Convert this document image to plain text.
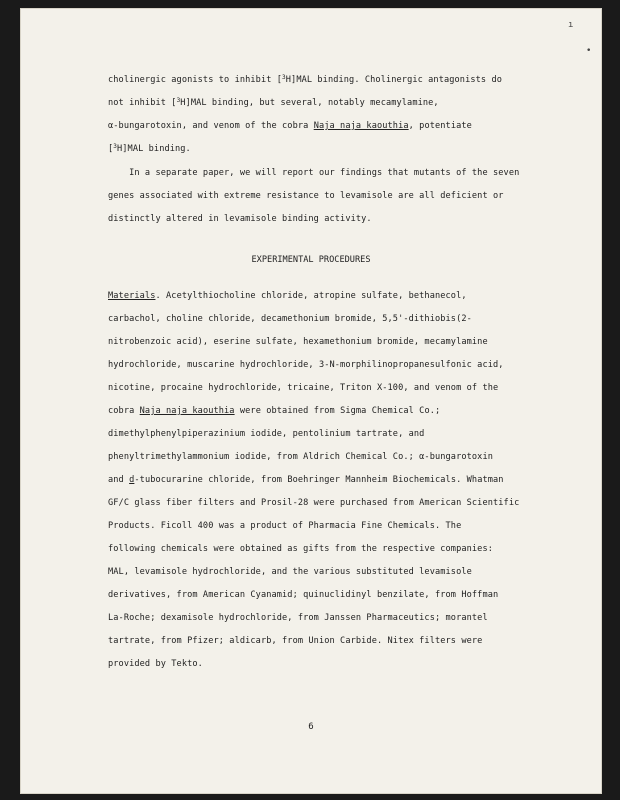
ı
•
cholinergic agonists to inhibit [$^3$H]MAL binding. Cholinergic antagonists do
not inhibit [$^3$H]MAL binding, but several, notably mecamylamine,
α-bungarotoxin, and venom of the cobra Naja naja kaouthia, potentiate
[$^3$H]MAL binding.
In a separate paper, we will report our findings that mutants of the seven
genes associated with extreme resistance to levamisole are all deficient or
distinctly altered in levamisole binding activity.
EXPERIMENTAL PROCEDURES
Materials. Acetylthiocholine chloride, atropine sulfate, bethanecol,
carbachol, choline chloride, decamethonium bromide, 5,5'-dithiobis(2-
nitrobenzoic acid), eserine sulfate, hexamethonium bromide, mecamylamine
hydrochloride, muscarine hydrochloride, 3-N-morphilinopropanesulfonic acid,
nicotine, procaine hydrochloride, tricaine, Triton X-100, and venom of the
cobra Naja naja kaouthia were obtained from Sigma Chemical Co.;
dimethylphenylpiperazinium iodide, pentolinium tartrate, and
phenyltrimethylammonium iodide, from Aldrich Chemical Co.; α-bungarotoxin
and d-tubocurarine chloride, from Boehringer Mannheim Biochemicals. Whatman
GF/C glass fiber filters and Prosil-28 were purchased from American Scientific
Products. Ficoll 400 was a product of Pharmacia Fine Chemicals. The
following chemicals were obtained as gifts from the respective companies:
MAL, levamisole hydrochloride, and the various substituted levamisole
derivatives, from American Cyanamid; quinuclidinyl benzilate, from Hoffman
La-Roche; dexamisole hydrochloride, from Janssen Pharmaceutics; morantel
tartrate, from Pfizer; aldicarb, from Union Carbide. Nitex filters were
provided by Tekto.
6
